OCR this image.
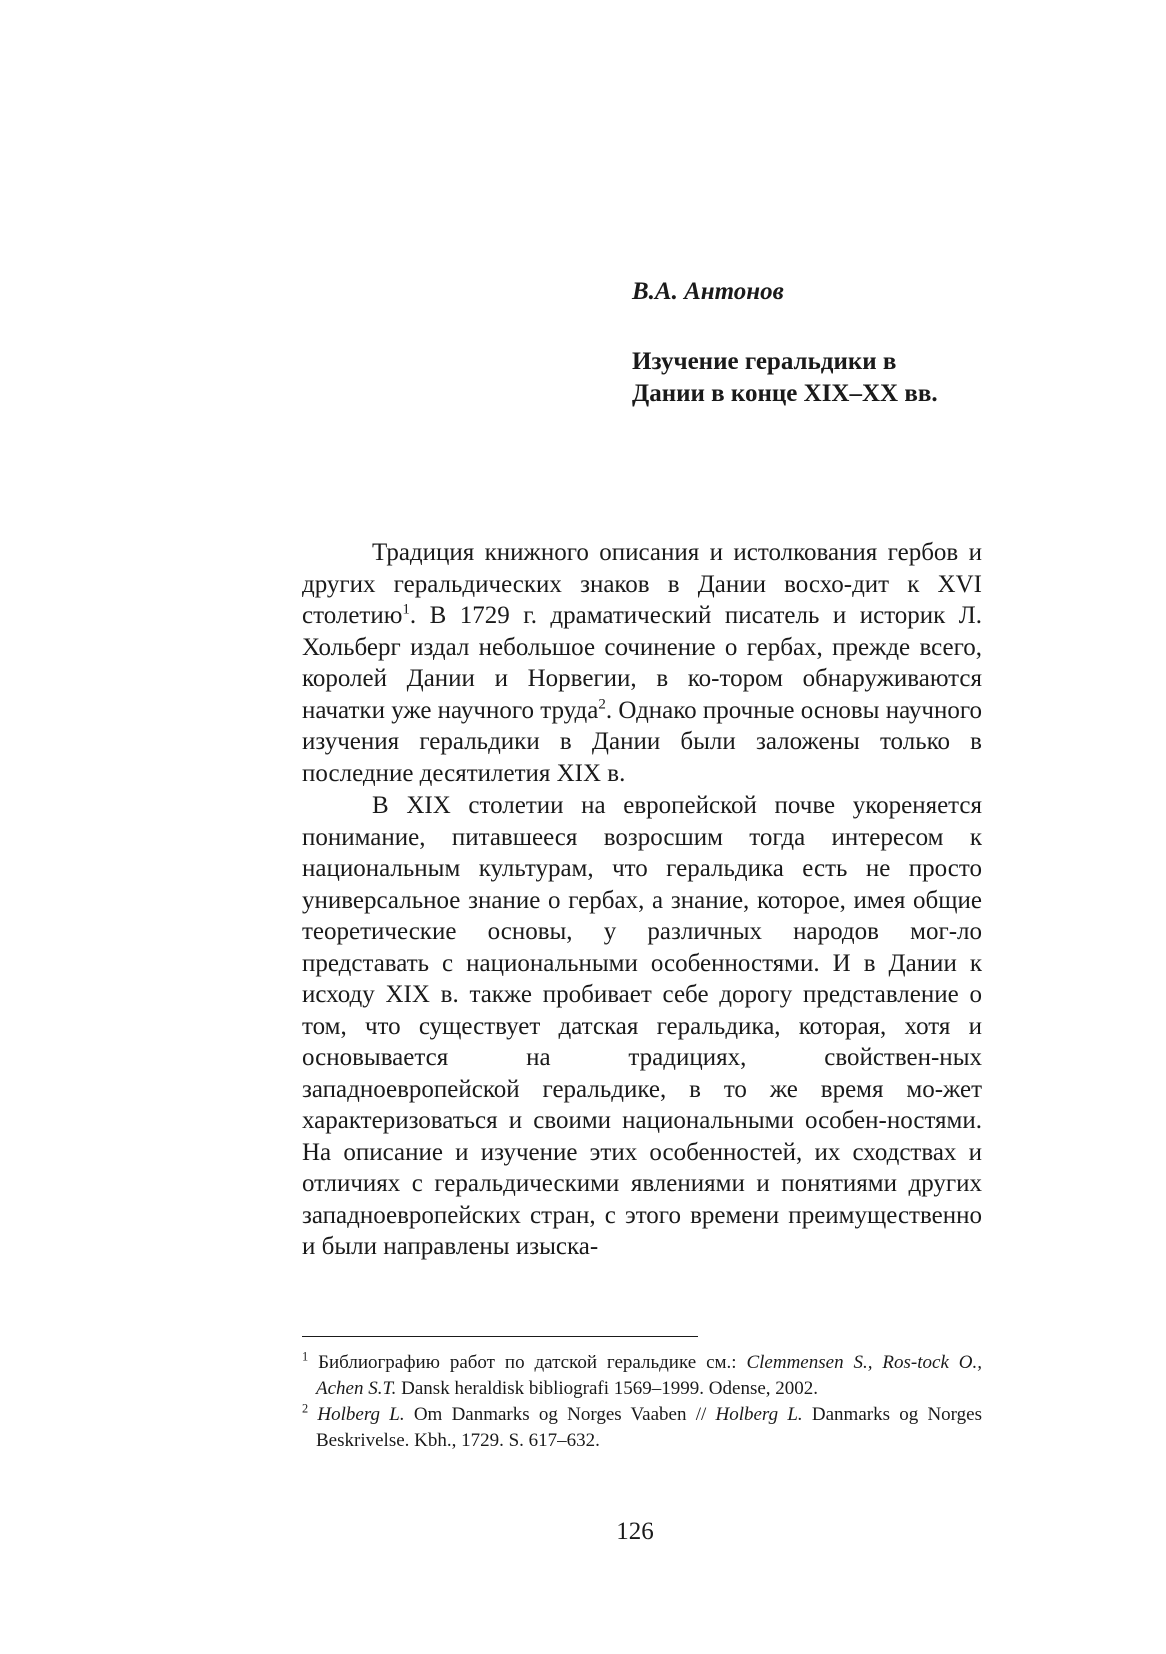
В.А. Антонов

Изучение геральдики в
Дании в конце XIX–XX вв.

Традиция книжного описания и истолкования гербов и других геральдических знаков в Дании восхо-дит к XVI столетию$^1$. В 1729 г. драматический писатель и историк Л. Хольберг издал небольшое сочинение о гербах, прежде всего, королей Дании и Норвегии, в ко-тором обнаруживаются начатки уже научного труда$^2$. Однако прочные основы научного изучения геральдики в Дании были заложены только в последние десятилетия XIX в.

В XIX столетии на европейской почве укореняется понимание, питавшееся возросшим тогда интересом к национальным культурам, что геральдика есть не просто универсальное знание о гербах, а знание, которое, имея общие теоретические основы, у различных народов мог-ло представать с национальными особенностями. И в Дании к исходу XIX в. также пробивает себе дорогу представление о том, что существует датская геральдика, которая, хотя и основывается на традициях, свойствен-ных западноевропейской геральдике, в то же время мо-жет характеризоваться и своими национальными особен-ностями. На описание и изучение этих особенностей, их сходствах и отличиях с геральдическими явлениями и понятиями других западноевропейских стран, с этого времени преимущественно и были направлены изыска-

$^1$ Библиографию работ по датской геральдике см.: Clemmensen S., Ros-tock O., Achen S.T. Dansk heraldisk bibliografi 1569–1999. Odense, 2002.

$^2$ Holberg L. Om Danmarks og Norges Vaaben // Holberg L. Danmarks og Norges Beskrivelse. Kbh., 1729. S. 617–632.

126
